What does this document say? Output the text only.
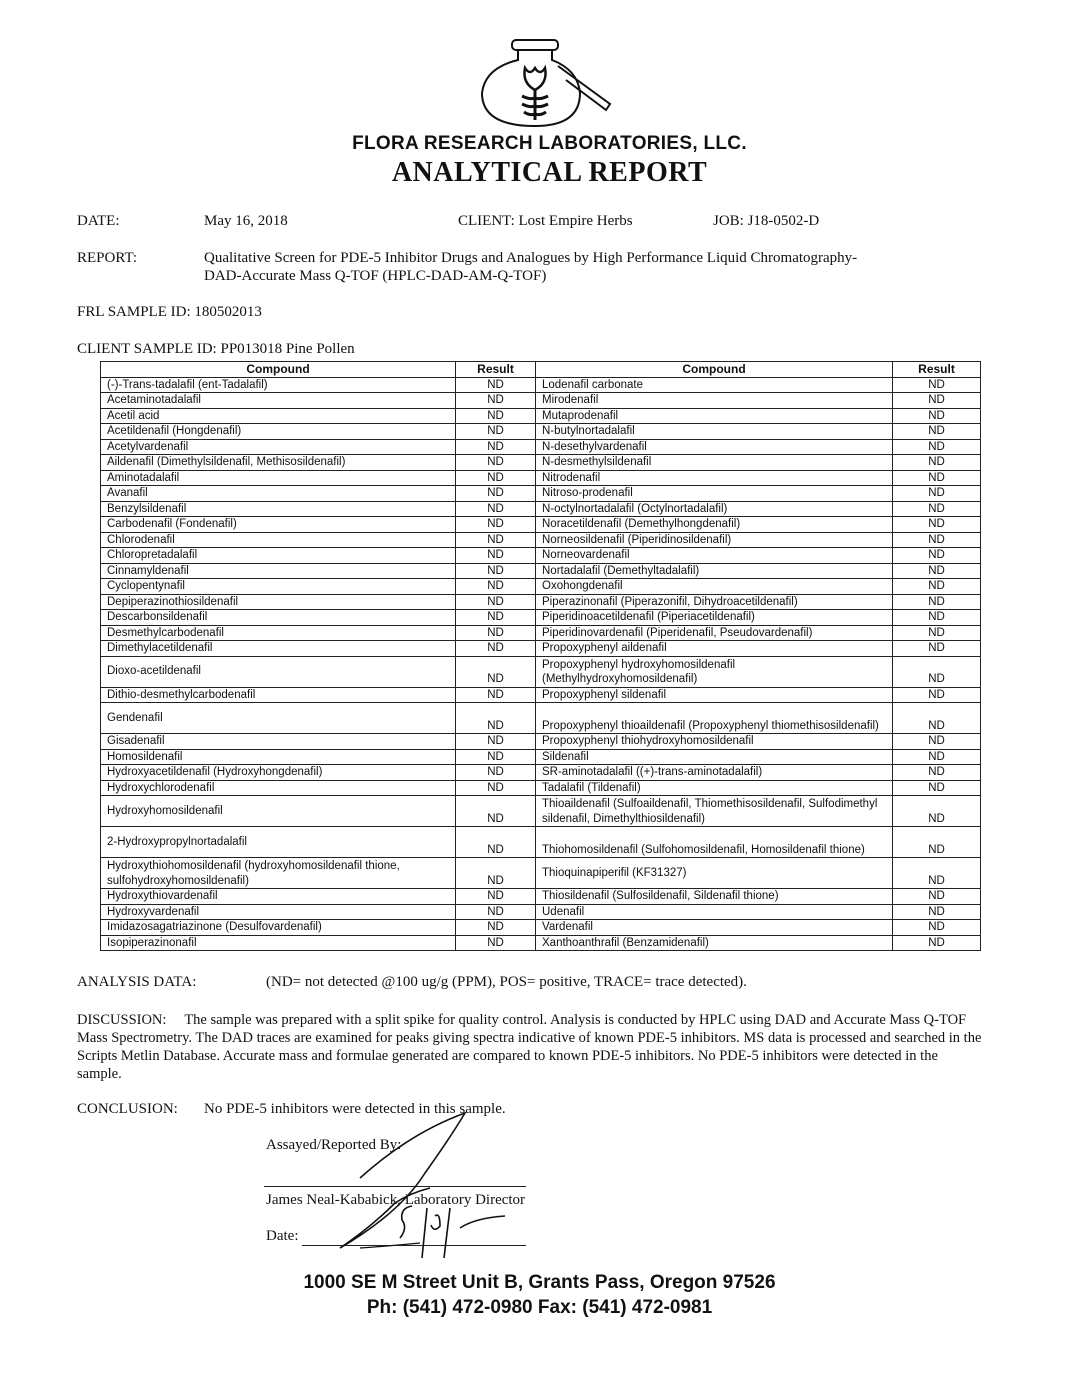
FLORA RESEARCH LABORATORIES, LLC.
ANALYTICAL REPORT
DATE:	May 16, 2018	CLIENT: Lost Empire Herbs	JOB: J18-0502-D
REPORT:	Qualitative Screen for PDE-5 Inhibitor Drugs and Analogues by High Performance Liquid Chromatography-
DAD-Accurate Mass Q-TOF (HPLC-DAD-AM-Q-TOF)
FRL SAMPLE ID: 180502013
CLIENT SAMPLE ID: PP013018 Pine Pollen
Compound	Result	Compound	Result
(-)-Trans-tadalafil (ent-Tadalafil)	ND	Lodenafil carbonate	ND
Acetaminotadalafil	ND	Mirodenafil	ND
Acetil acid	ND	Mutaprodenafil	ND
Acetildenafil (Hongdenafil)	ND	N-butylnortadalafil	ND
Acetylvardenafil	ND	N-desethylvardenafil	ND
Aildenafil (Dimethylsildenafil, Methisosildenafil)	ND	N-desmethylsildenafil	ND
Aminotadalafil	ND	Nitrodenafil	ND
Avanafil	ND	Nitroso-prodenafil	ND
Benzylsildenafil	ND	N-octylnortadalafil (Octylnortadalafil)	ND
Carbodenafil (Fondenafil)	ND	Noracetildenafil (Demethylhongdenafil)	ND
Chlorodenafil	ND	Norneosildenafil (Piperidinosildenafil)	ND
Chloropretadalafil	ND	Norneovardenafil	ND
Cinnamyldenafil	ND	Nortadalafil (Demethyltadalafil)	ND
Cyclopentynafil	ND	Oxohongdenafil	ND
Depiperazinothiosildenafil	ND	Piperazinonafil (Piperazonifil, Dihydroacetildenafil)	ND
Descarbonsildenafil	ND	Piperidinoacetildenafil (Piperiacetildenafil)	ND
Desmethylcarbodenafil	ND	Piperidinovardenafil (Piperidenafil, Pseudovardenafil)	ND
Dimethylacetildenafil	ND	Propoxyphenyl aildenafil	ND
Dioxo-acetildenafil	ND	Propoxyphenyl hydroxyhomosildenafil (Methylhydroxyhomosildenafil)	ND
Dithio-desmethylcarbodenafil	ND	Propoxyphenyl sildenafil	ND
Gendenafil	ND	Propoxyphenyl thioaildenafil (Propoxyphenyl thiomethisosildenafil)	ND
Gisadenafil	ND	Propoxyphenyl thiohydroxyhomosildenafil	ND
Homosildenafil	ND	Sildenafil	ND
Hydroxyacetildenafil (Hydroxyhongdenafil)	ND	SR-aminotadalafil ((+)-trans-aminotadalafil)	ND
Hydroxychlorodenafil	ND	Tadalafil (Tildenafil)	ND
Hydroxyhomosildenafil	ND	Thioaildenafil (Sulfoaildenafil, Thiomethisosildenafil, Sulfodimethyl sildenafil, Dimethylthiosildenafil)	ND
2-Hydroxypropylnortadalafil	ND	Thiohomosildenafil (Sulfohomosildenafil, Homosildenafil thione)	ND
Hydroxythiohomosildenafil (hydroxyhomosildenafil thione, sulfohydroxyhomosildenafil)	ND	Thioquinapiperifil (KF31327)	ND
Hydroxythiovardenafil	ND	Thiosildenafil (Sulfosildenafil, Sildenafil thione)	ND
Hydroxyvardenafil	ND	Udenafil	ND
Imidazosagatriazinone (Desulfovardenafil)	ND	Vardenafil	ND
Isopiperazinonafil	ND	Xanthoanthrafil (Benzamidenafil)	ND
ANALYSIS DATA:	(ND= not detected @100 ug/g (PPM), POS= positive, TRACE= trace detected).
DISCUSSION: The sample was prepared with a split spike for quality control. Analysis is conducted by HPLC using DAD and Accurate Mass Q-TOF Mass Spectrometry. The DAD traces are examined for peaks giving spectra indicative of known PDE-5 inhibitors. MS data is processed and searched in the Scripts Metlin Database. Accurate mass and formulae generated are compared to known PDE-5 inhibitors. No PDE-5 inhibitors were detected in the sample.
CONCLUSION: No PDE-5 inhibitors were detected in this sample.
Assayed/Reported By:
James Neal-Kababick, Laboratory Director
Date:
1000 SE M Street Unit B, Grants Pass, Oregon 97526
Ph: (541) 472-0980 Fax: (541) 472-0981
